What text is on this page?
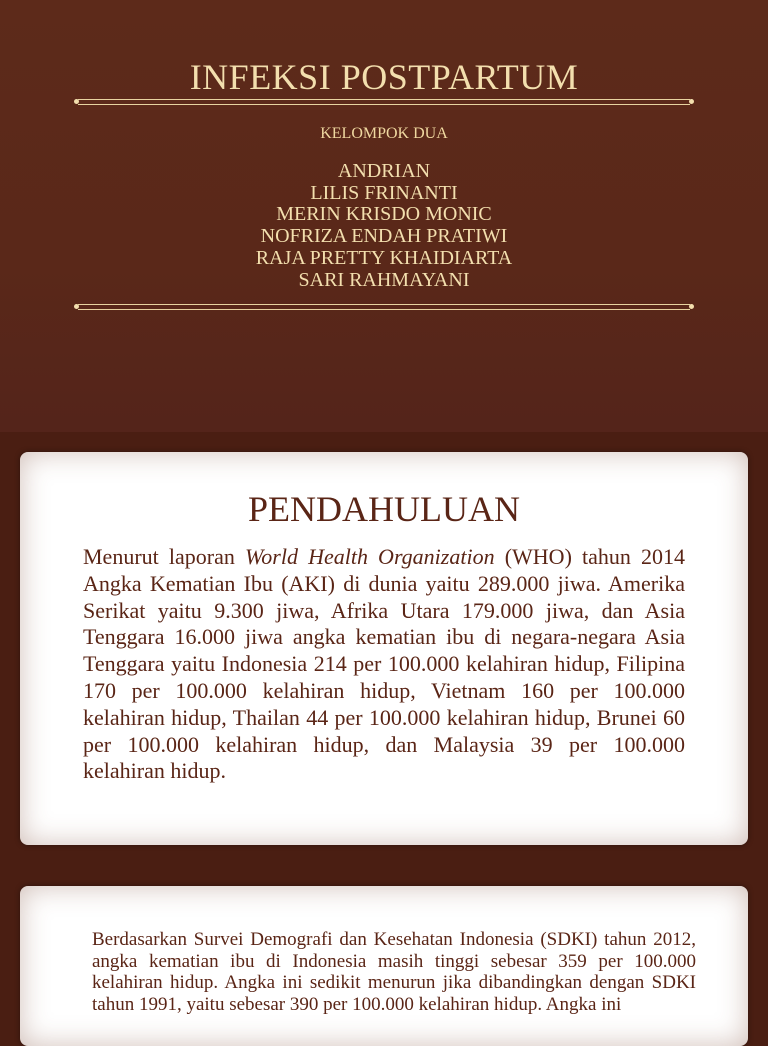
INFEKSI POSTPARTUM
KELOMPOK DUA
ANDRIAN
LILIS FRINANTI
MERIN KRISDO MONIC
NOFRIZA ENDAH PRATIWI
RAJA PRETTY KHAIDIARTA
SARI RAHMAYANI
PENDAHULUAN
Menurut laporan World Health Organization (WHO) tahun 2014 Angka Kematian Ibu (AKI) di dunia yaitu 289.000 jiwa. Amerika Serikat yaitu 9.300 jiwa, Afrika Utara 179.000 jiwa, dan Asia Tenggara 16.000 jiwa angka kematian ibu di negara-negara Asia Tenggara yaitu Indonesia 214 per 100.000 kelahiran hidup, Filipina 170 per 100.000 kelahiran hidup, Vietnam 160 per 100.000 kelahiran hidup, Thailan 44 per 100.000 kelahiran hidup, Brunei 60 per 100.000 kelahiran hidup, dan Malaysia 39 per 100.000 kelahiran hidup.
Berdasarkan Survei Demografi dan Kesehatan Indonesia (SDKI) tahun 2012, angka kematian ibu di Indonesia masih tinggi sebesar 359 per 100.000 kelahiran hidup. Angka ini sedikit menurun jika dibandingkan dengan SDKI tahun 1991, yaitu sebesar 390 per 100.000 kelahiran hidup. Angka ini
